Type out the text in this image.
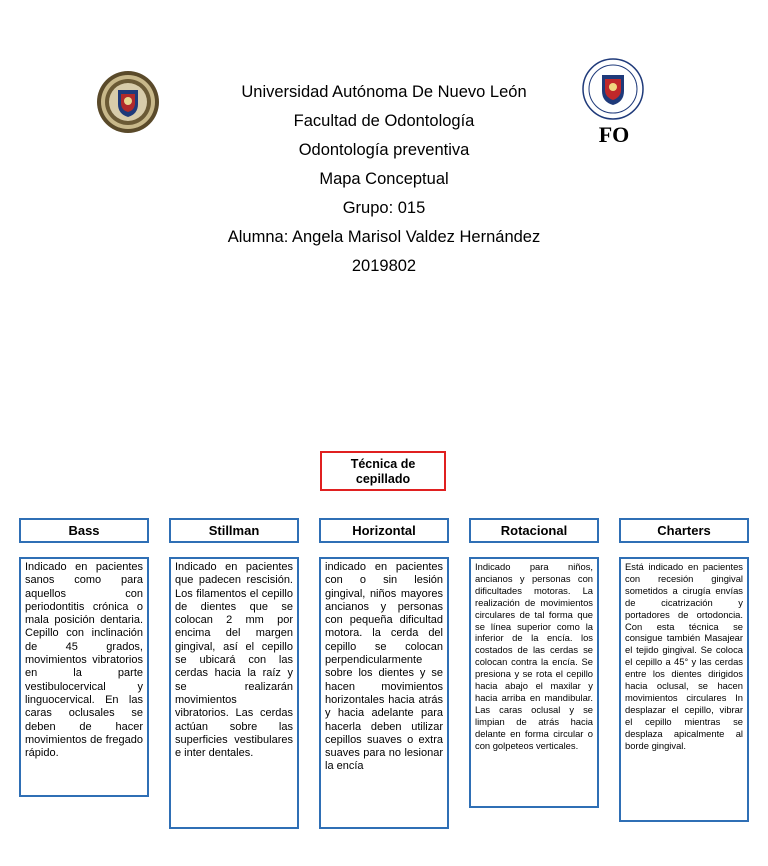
FO
Universidad Autónoma De Nuevo León
Facultad de Odontología
Odontología preventiva
Mapa Conceptual
Grupo: 015
Alumna: Angela Marisol Valdez Hernández
2019802
Técnica de cepillado
Bass	Stillman	Horizontal	Rotacional	Charters
Indicado en pacientes sanos como para aquellos con periodontitis crónica o mala posición dentaria. Cepillo con inclinación de 45 grados, movimientos vibratorios en la parte vestibulocervical y linguocervical. En las caras oclusales se deben de hacer movimientos de fregado rápido.
Indicado en pacientes que padecen rescisión. Los filamentos el cepillo de dientes que se colocan 2 mm por encima del margen gingival, así el cepillo se ubicará con las cerdas hacia la raíz y se realizarán movimientos vibratorios. Las cerdas actúan sobre las superficies vestibulares e inter dentales.
indicado en pacientes con o sin lesión gingival, niños mayores ancianos y personas con pequeña dificultad motora. la cerda del cepillo se colocan perpendicularmente sobre los dientes y se hacen movimientos horizontales hacia atrás y hacia adelante para hacerla deben utilizar cepillos suaves o extra suaves para no lesionar la encía
Indicado para niños, ancianos y personas con dificultades motoras. La realización de movimientos circulares de tal forma que se línea superior como la inferior de la encía. los costados de las cerdas se colocan contra la encía. Se presiona y se rota el cepillo hacia abajo el maxilar y hacia arriba en mandibular. Las caras oclusal y se limpian de atrás hacia delante en forma circular o con golpeteos verticales.
Está indicado en pacientes con recesión gingival sometidos a cirugía envías de cicatrización y portadores de ortodoncia. Con esta técnica se consigue también Masajear el tejido gingival. Se coloca el cepillo a 45° y las cerdas entre los dientes dirigidos hacia oclusal, se hacen movimientos circulares In desplazar el cepillo, vibrar el cepillo mientras se desplaza apicalmente al borde gingival.
